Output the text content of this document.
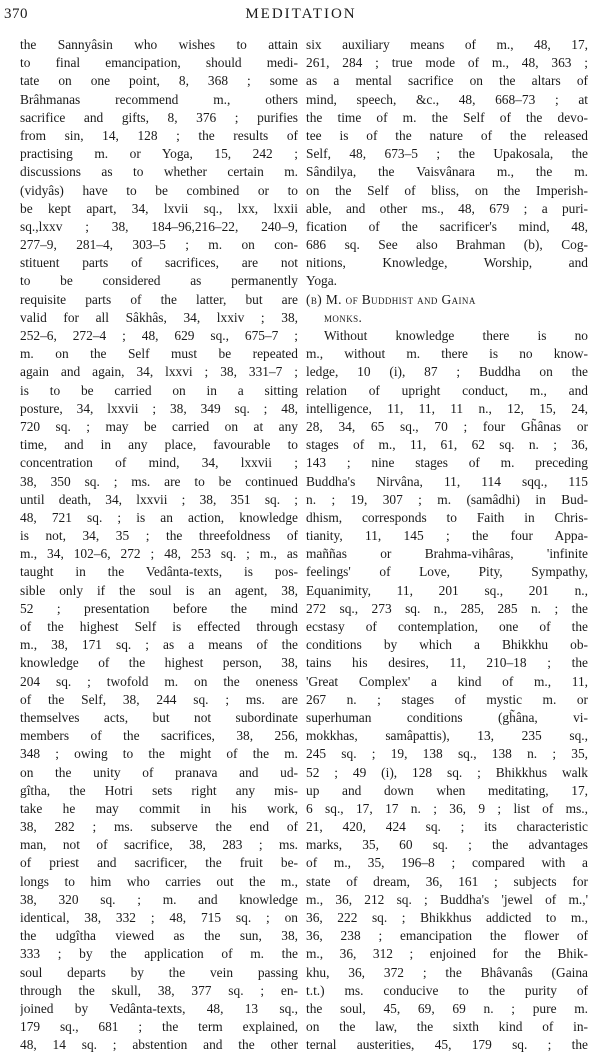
370	MEDITATION
the Sannyâsin who wishes to attain
to final emancipation, should medi-
tate on one point, 8, 368 ; some
Brâhmanas recommend m., others
sacrifice and gifts, 8, 376 ; purifies
from sin, 14, 128 ; the results of
practising m. or Yoga, 15, 242 ;
discussions as to whether certain m.
(vidyâs) have to be combined or to
be kept apart, 34, lxvii sq., lxx, lxxii
sq.,lxxv ; 38, 184–96,216–22, 240–9,
277–9, 281–4, 303–5 ; m. on con-
stituent parts of sacrifices, are not
to be considered as permanently
requisite parts of the latter, but are
valid for all Sâkhâs, 34, lxxiv ; 38,
252–6, 272–4 ; 48, 629 sq., 675–7 ;
m. on the Self must be repeated
again and again, 34, lxxvi ; 38, 331–7 ;
is to be carried on in a sitting
posture, 34, lxxvii ; 38, 349 sq. ; 48,
720 sq. ; may be carried on at any
time, and in any place, favourable to
concentration of mind, 34, lxxvii ;
38, 350 sq. ; ms. are to be continued
until death, 34, lxxvii ; 38, 351 sq. ;
48, 721 sq. ; is an action, knowledge
is not, 34, 35 ; the threefoldness of
m., 34, 102–6, 272 ; 48, 253 sq. ; m., as
taught in the Vedânta-texts, is pos-
sible only if the soul is an agent, 38,
52 ; presentation before the mind
of the highest Self is effected through
m., 38, 171 sq. ; as a means of the
knowledge of the highest person, 38,
204 sq. ; twofold m. on the oneness
of the Self, 38, 244 sq. ; ms. are
themselves acts, but not subordinate
members of the sacrifices, 38, 256,
348 ; owing to the might of the m.
on the unity of pranava and ud-
gîtha, the Hotri sets right any mis-
take he may commit in his work,
38, 282 ; ms. subserve the end of
man, not of sacrifice, 38, 283 ; ms.
of priest and sacrificer, the fruit be-
longs to him who carries out the m.,
38, 320 sq. ; m. and knowledge
identical, 38, 332 ; 48, 715 sq. ; on
the udgîtha viewed as the sun, 38,
333 ; by the application of m. the
soul departs by the vein passing
through the skull, 38, 377 sq. ; en-
joined by Vedânta-texts, 48, 13 sq.,
179 sq., 681 ; the term explained,
48, 14 sq. ; abstention and the other
six auxiliary means of m., 48, 17,
261, 284 ; true mode of m., 48, 363 ;
as a mental sacrifice on the altars of
mind, speech, &c., 48, 668–73 ; at
the time of m. the Self of the devo-
tee is of the nature of the released
Self, 48, 673–5 ; the Upakosala, the
Sândilya, the Vaisvânara m., the m.
on the Self of bliss, on the Imperish-
able, and other ms., 48, 679 ; a puri-
fication of the sacrificer's mind, 48,
686 sq. See also Brahman (b), Cog-
nitions, Knowledge, Worship, and
Yoga.
(b) M. of Buddhist and Gaina
monks.
Without knowledge there is no
m., without m. there is no know-
ledge, 10 (i), 87 ; Buddha on the
relation of upright conduct, m., and
intelligence, 11, 11, 11 n., 12, 15, 24,
28, 34, 65 sq., 70 ; four Gh̃ânas or
stages of m., 11, 61, 62 sq. n. ; 36,
143 ; nine stages of m. preceding
Buddha's Nirvâna, 11, 114 sqq., 115
n. ; 19, 307 ; m. (samâdhi) in Bud-
dhism, corresponds to Faith in Chris-
tianity, 11, 145 ; the four Appa-
maññas or Brahma-vihâras, 'infinite
feelings' of Love, Pity, Sympathy,
Equanimity, 11, 201 sq., 201 n.,
272 sq., 273 sq. n., 285, 285 n. ; the
ecstasy of contemplation, one of the
conditions by which a Bhikkhu ob-
tains his desires, 11, 210–18 ; the
'Great Complex' a kind of m., 11,
267 n. ; stages of mystic m. or
superhuman conditions (gh̃âna, vi-
mokkhas, samâpattis), 13, 235 sq.,
245 sq. ; 19, 138 sq., 138 n. ; 35,
52 ; 49 (i), 128 sq. ; Bhikkhus walk
up and down when meditating, 17,
6 sq., 17, 17 n. ; 36, 9 ; list of ms.,
21, 420, 424 sq. ; its characteristic
marks, 35, 60 sq. ; the advantages
of m., 35, 196–8 ; compared with a
state of dream, 36, 161 ; subjects for
m., 36, 212 sq. ; Buddha's 'jewel of m.,'
36, 222 sq. ; Bhikkhus addicted to m.,
36, 238 ; emancipation the flower of
m., 36, 312 ; enjoined for the Bhik-
khu, 36, 372 ; the Bhâvanâs (Gaina
t.t.) ms. conducive to the purity of
the soul, 45, 69, 69 n. ; pure m.
on the law, the sixth kind of in-
ternal austerities, 45, 179 sq. ; the
